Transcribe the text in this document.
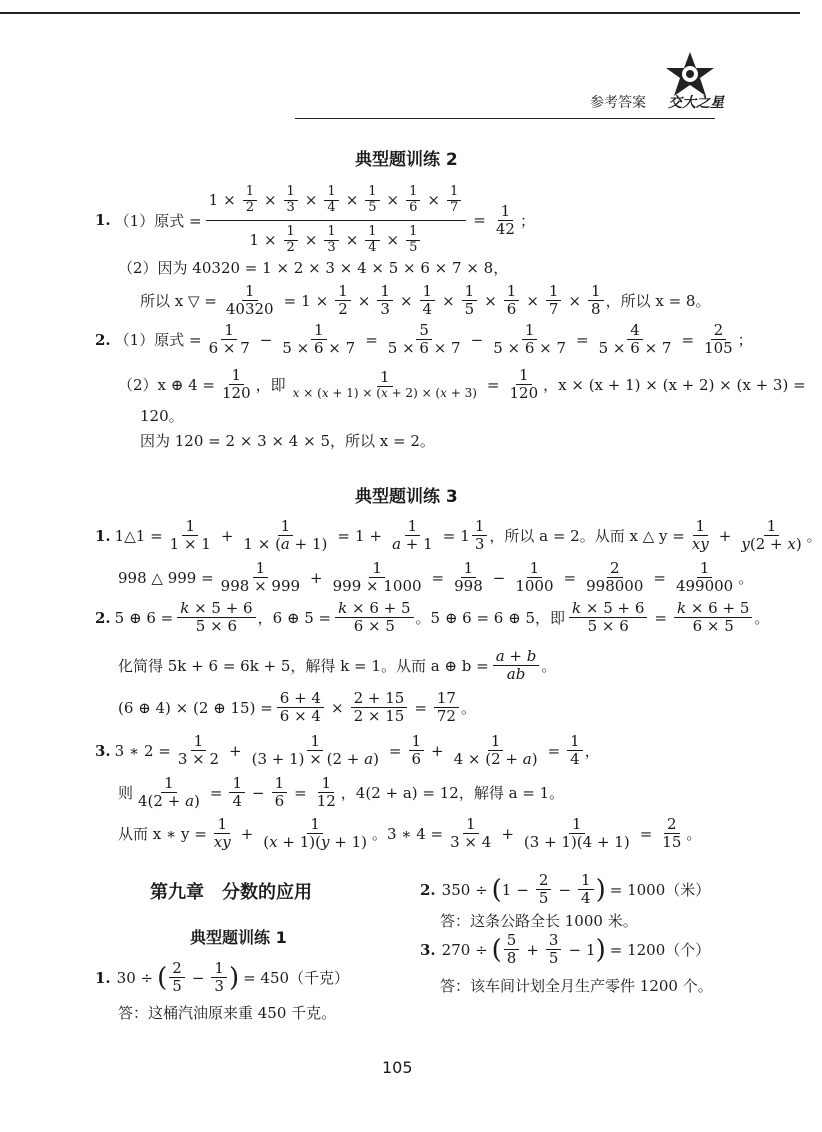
参考答案 交大之星
典型题训练 2
1. （1）原式 = $\frac{1 \times \frac{1}{2} \times \frac{1}{3} \times \frac{1}{4} \times \frac{1}{5} \times \frac{1}{6} \times \frac{1}{7}}{1 \times \frac{1}{2} \times \frac{1}{3} \times \frac{1}{4} \times \frac{1}{5}} = \frac{1}{42}$ ；
（2）因为 40320 = 1 × 2 × 3 × 4 × 5 × 6 × 7 × 8，
所以 x ▽ = $\frac{1}{40320} = 1 \times \frac{1}{2} \times \frac{1}{3} \times \frac{1}{4} \times \frac{1}{5} \times \frac{1}{6} \times \frac{1}{7} \times \frac{1}{8}$ ，所以 x = 8。
2. （1）原式 = $\frac{1}{6 \times 7} - \frac{1}{5 \times 6 \times 7} = \frac{5}{5 \times 6 \times 7} - \frac{1}{5 \times 6 \times 7} = \frac{4}{5 \times 6 \times 7} = \frac{2}{105}$ ；
（2）x ⊕ $4 = \frac{1}{120}$ ，即 $\frac{1}{x \times (x + 1) \times (x + 2) \times (x + 3)} = \frac{1}{120}$ ，x × (x + 1) × (x + 2) × (x + 3) =
120。
因为 120 = 2 × 3 × 4 × 5，所以 x = 2。
典型题训练 3
1. 1△1 = $\frac{1}{1 \times 1} + \frac{1}{1 \times (a + 1)} = 1 + \frac{1}{a + 1} = 1 \frac{1}{3}$ ，所以 a = 2。从而 x △ $y = \frac{1}{xy} + \frac{1}{y(2 + x)}$ 。
998 △ $999 = \frac{1}{998 \times 999} + \frac{1}{999 \times 1000} = \frac{1}{998} - \frac{1}{1000} = \frac{2}{998000} = \frac{1}{499000}$ 。
2. 5 ⊕ $6 = \frac{k \times 5 + 6}{5 \times 6}$ ，6 ⊕ $5 = \frac{k \times 6 + 5}{6 \times 5}$ 。5 ⊕ 6 = 6 ⊕ 5，即 $\frac{k \times 5 + 6}{5 \times 6} = \frac{k \times 6 + 5}{6 \times 5}$ 。
化简得 5k + 6 = 6k + 5，解得 k = 1。从而 a ⊕ $b = \frac{a + b}{ab}$ 。
(6 ⊕ 4) × (2 ⊕ $15) = \frac{6 + 4}{6 \times 4} \times \frac{2 + 15}{2 \times 15} = \frac{17}{72}$ 。
3. 3 ∗ $2 = \frac{1}{3 \times 2} + \frac{1}{(3 + 1) \times (2 + a)} = \frac{1}{6} + \frac{1}{4 \times (2 + a)} = \frac{1}{4}$ ，
则 $\frac{1}{4(2 + a)} = \frac{1}{4} - \frac{1}{6} = \frac{1}{12}$ ，4(2 + a) = 12，解得 a = 1。
从而 x ∗ $y = \frac{1}{xy} + \frac{1}{(x + 1)(y + 1)}$ 。3 ∗ $4 = \frac{1}{3 \times 4} + \frac{1}{(3 + 1)(4 + 1)} = \frac{2}{15}$ 。
第九章　分数的应用
典型题训练 1
1. 30 ÷ ( $\frac{2}{5} - \frac{1}{3}$ ) = 450（千克）
答：这桶汽油原来重 450 千克。
2. 350 ÷ ( $1 - \frac{2}{5} - \frac{1}{4}$ ) = 1000（米）
答：这条公路全长 1000 米。
3. 270 ÷ ( $\frac{5}{8} + \frac{3}{5} - 1$ ) = 1200（个）
答：该车间计划全月生产零件 1200 个。
105
